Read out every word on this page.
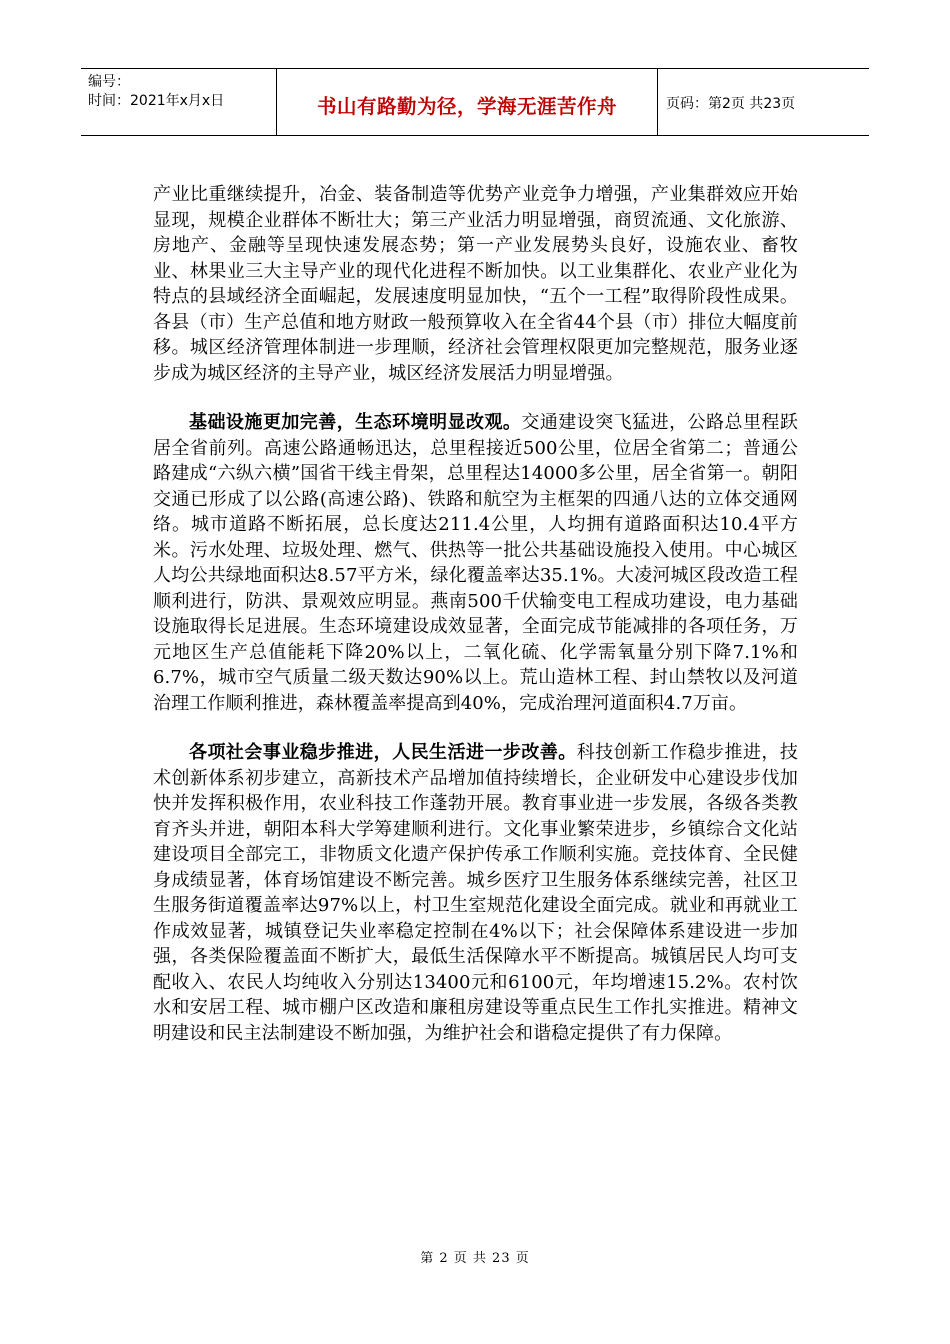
编号：
时间：2021年x月x日	书山有路勤为径，学海无涯苦作舟	页码：第2页 共23页

产业比重继续提升，冶金、装备制造等优势产业竞争力增强，产业集群效应开始显现，规模企业群体不断壮大；第三产业活力明显增强，商贸流通、文化旅游、房地产、金融等呈现快速发展态势；第一产业发展势头良好，设施农业、畜牧业、林果业三大主导产业的现代化进程不断加快。以工业集群化、农业产业化为特点的县域经济全面崛起，发展速度明显加快，“五个一工程”取得阶段性成果。各县（市）生产总值和地方财政一般预算收入在全省44个县（市）排位大幅度前移。城区经济管理体制进一步理顺，经济社会管理权限更加完整规范，服务业逐步成为城区经济的主导产业，城区经济发展活力明显增强。

基础设施更加完善，生态环境明显改观。交通建设突飞猛进，公路总里程跃居全省前列。高速公路通畅迅达，总里程接近500公里，位居全省第二；普通公路建成“六纵六横”国省干线主骨架，总里程达14000多公里，居全省第一。朝阳交通已形成了以公路(高速公路)、铁路和航空为主框架的四通八达的立体交通网络。城市道路不断拓展，总长度达211.4公里，人均拥有道路面积达10.4平方米。污水处理、垃圾处理、燃气、供热等一批公共基础设施投入使用。中心城区人均公共绿地面积达8.57平方米，绿化覆盖率达35.1%。大凌河城区段改造工程顺利进行，防洪、景观效应明显。燕南500千伏输变电工程成功建设，电力基础设施取得长足进展。生态环境建设成效显著，全面完成节能减排的各项任务，万元地区生产总值能耗下降20%以上，二氧化硫、化学需氧量分别下降7.1%和6.7%，城市空气质量二级天数达90%以上。荒山造林工程、封山禁牧以及河道治理工作顺利推进，森林覆盖率提高到40%，完成治理河道面积4.7万亩。

各项社会事业稳步推进，人民生活进一步改善。科技创新工作稳步推进，技术创新体系初步建立，高新技术产品增加值持续增长，企业研发中心建设步伐加快并发挥积极作用，农业科技工作蓬勃开展。教育事业进一步发展，各级各类教育齐头并进，朝阳本科大学筹建顺利进行。文化事业繁荣进步，乡镇综合文化站建设项目全部完工，非物质文化遗产保护传承工作顺利实施。竞技体育、全民健身成绩显著，体育场馆建设不断完善。城乡医疗卫生服务体系继续完善，社区卫生服务街道覆盖率达97%以上，村卫生室规范化建设全面完成。就业和再就业工作成效显著，城镇登记失业率稳定控制在4%以下；社会保障体系建设进一步加强，各类保险覆盖面不断扩大，最低生活保障水平不断提高。城镇居民人均可支配收入、农民人均纯收入分别达13400元和6100元，年均增速15.2%。农村饮水和安居工程、城市棚户区改造和廉租房建设等重点民生工作扎实推进。精神文明建设和民主法制建设不断加强，为维护社会和谐稳定提供了有力保障。

第 2 页 共 23 页
